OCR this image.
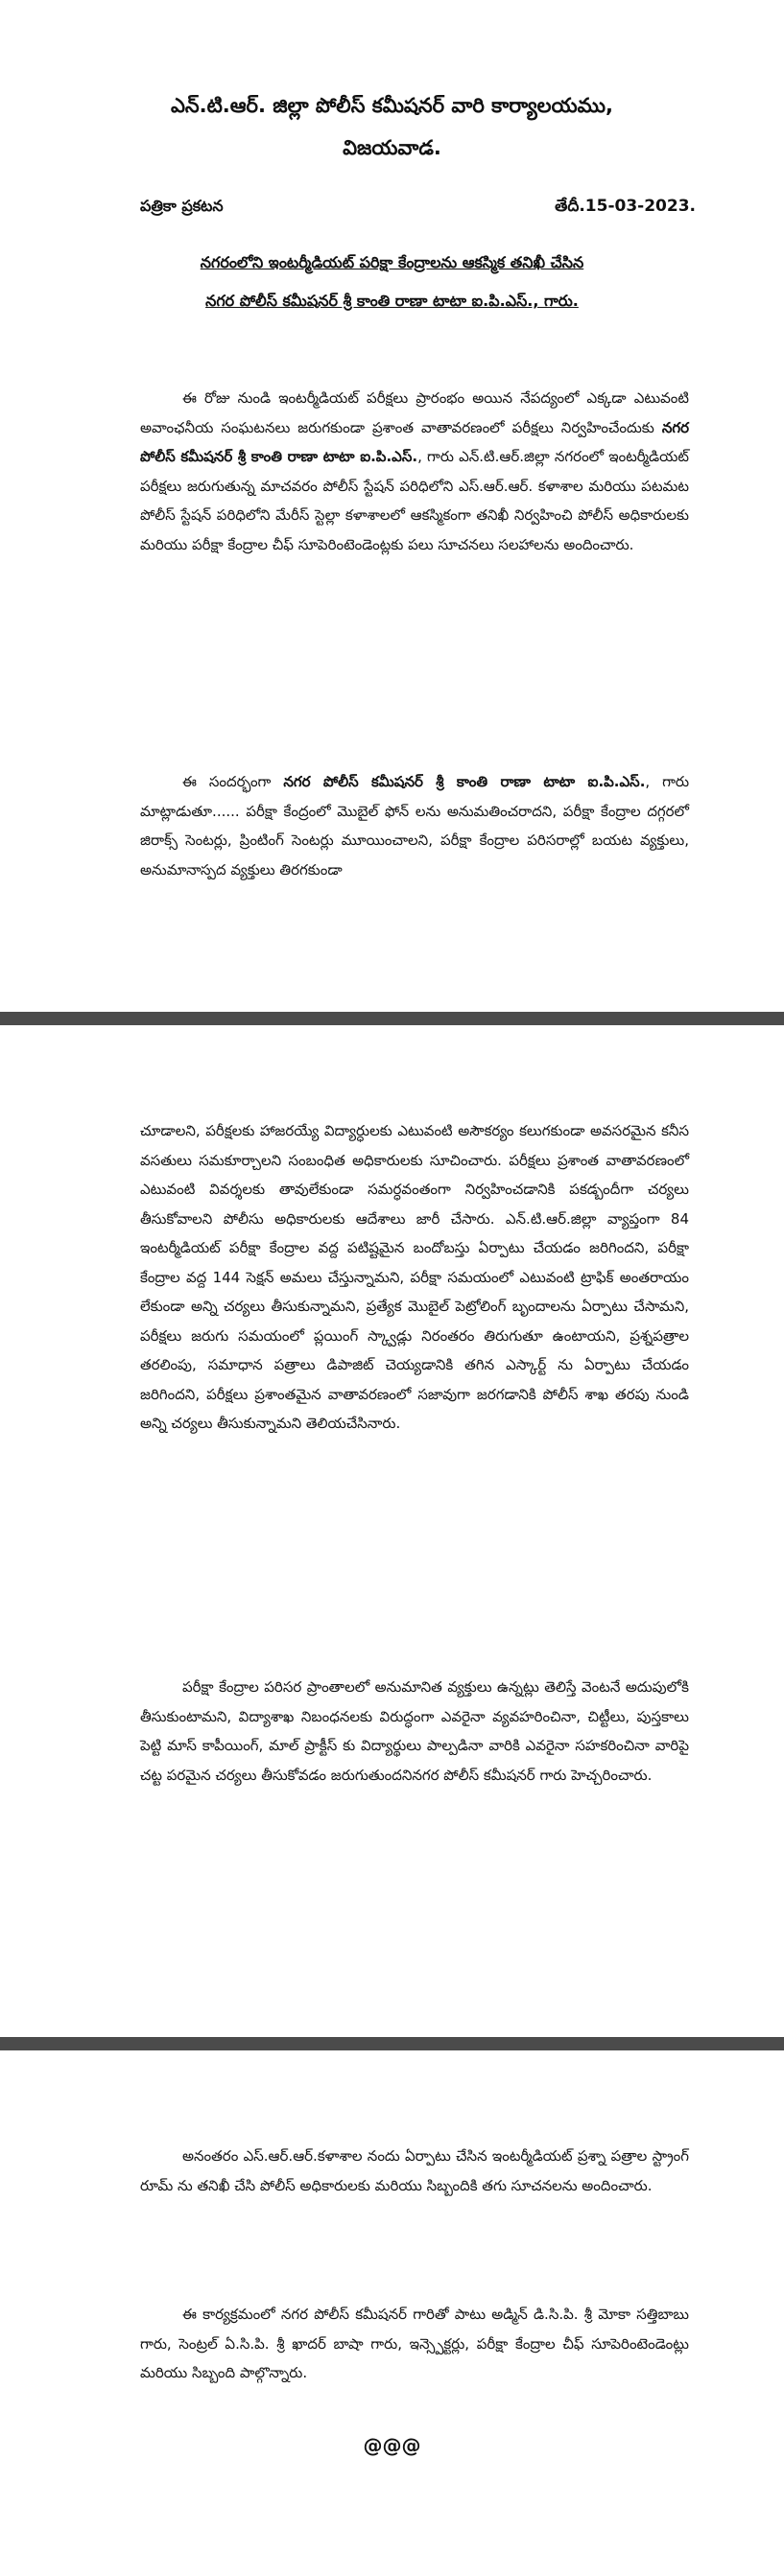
ఎన్.టి.ఆర్. జిల్లా పోలీస్ కమీషనర్ వారి కార్యాలయము,
విజయవాడ.
పత్రికా ప్రకటన	తేదీ.15-03-2023.
నగరంలోని ఇంటర్మీడియట్ పరిక్షా కేంద్రాలను ఆకస్మిక తనిఖీ చేసిన
నగర పోలీస్ కమీషనర్ శ్రీ కాంతి రాణా టాటా ఐ.పి.ఎస్., గారు.
ఈ రోజు నుండి ఇంటర్మీడియట్ పరీక్షలు ప్రారంభం అయిన నేపద్యంలో ఎక్కడా ఎటువంటి అవాంఛనీయ సంఘటనలు జరుగకుండా ప్రశాంత వాతావరణంలో పరీక్షలు నిర్వహించేందుకు నగర పోలీస్ కమీషనర్ శ్రీ కాంతి రాణా టాటా ఐ.పి.ఎస్., గారు ఎన్.టి.ఆర్.జిల్లా నగరంలో ఇంటర్మీడియట్ పరీక్షలు జరుగుతున్న మాచవరం పోలీస్ స్టేషన్ పరిధిలోని ఎస్.ఆర్.ఆర్. కళాశాల మరియు పటమట పోలీస్ స్టేషన్ పరిధిలోని మేరీస్ స్టెల్లా కళాశాలలో ఆకస్మికంగా తనిఖీ నిర్వహించి పోలీస్ అధికారులకు మరియు పరీక్షా కేంద్రాల చీఫ్ సూపెరింటెండెంట్లకు పలు సూచనలు సలహాలను అందించారు.
ఈ సందర్భంగా నగర పోలీస్ కమీషనర్ శ్రీ కాంతి రాణా టాటా ఐ.పి.ఎస్., గారు మాట్లాడుతూ...... పరీక్షా కేంద్రంలో మొబైల్ ఫోన్ లను అనుమతించరాదని, పరీక్షా కేంద్రాల దగ్గరలో జిరాక్స్ సెంటర్లు, ప్రింటింగ్ సెంటర్లు మూయించాలని, పరీక్షా కేంద్రాల పరిసరాల్లో బయట వ్యక్తులు, అనుమానాస్పద వ్యక్తులు తిరగకుండా
చూడాలని, పరీక్షలకు హాజరయ్యే విద్యార్ధులకు ఎటువంటి అసౌకర్యం కలుగకుండా అవసరమైన కనీస వసతులు సమకూర్చాలని సంబంధిత అధికారులకు సూచించారు. పరీక్షలు ప్రశాంత వాతావరణంలో ఎటువంటి వివర్శలకు తావులేకుండా సమర్ధవంతంగా నిర్వహించడానికి పకడ్బందీగా చర్యలు తీసుకోవాలని పోలీసు అధికారులకు ఆదేశాలు జారీ చేసారు. ఎన్.టి.ఆర్.జిల్లా వ్యాప్తంగా 84 ఇంటర్మీడియట్ పరీక్షా కేంద్రాల వద్ద పటిష్టమైన బందోబస్తు ఏర్పాటు చేయడం జరిగిందని, పరీక్షా కేంద్రాల వద్ద 144 సెక్షన్ అమలు చేస్తున్నామని, పరీక్షా సమయంలో ఎటువంటి ట్రాఫిక్ అంతరాయం లేకుండా అన్ని చర్యలు తీసుకున్నామని, ప్రత్యేక మొబైల్ పెట్రోలింగ్ బృందాలను ఏర్పాటు చేసామని, పరీక్షలు జరుగు సమయంలో ప్లయింగ్ స్క్వాడ్లు నిరంతరం తిరుగుతూ ఉంటాయని, ప్రశ్నపత్రాల తరలింపు, సమాధాన పత్రాలు డిపాజిట్ చెయ్యడానికి తగిన ఎస్కార్ట్ ను ఏర్పాటు చేయడం జరిగిందని, పరీక్షలు ప్రశాంతమైన వాతావరణంలో సజావుగా జరగడానికి పోలీస్ శాఖ తరపు నుండి అన్ని చర్యలు తీసుకున్నామని తెలియచేసినారు.
పరీక్షా కేంద్రాల పరిసర ప్రాంతాలలో అనుమానిత వ్యక్తులు ఉన్నట్లు తెలిస్తే వెంటనే అదుపులోకి తీసుకుంటామని, విద్యాశాఖ నిబంధనలకు విరుద్ధంగా ఎవరైనా వ్యవహరించినా, చిట్టీలు, పుస్తకాలు పెట్టి మాస్ కాపీయింగ్, మాల్ ప్రాక్టీస్ కు విద్యార్థులు పాల్పడినా వారికి ఎవరైనా సహకరించినా వారిపై చట్ట పరమైన చర్యలు తీసుకోవడం జరుగుతుందనినగర పోలీస్ కమీషనర్ గారు హెచ్చరించారు.
అనంతరం ఎస్.ఆర్.ఆర్.కళాశాల నందు ఏర్పాటు చేసిన ఇంటర్మీడియట్ ప్రశ్నా పత్రాల స్ట్రాంగ్ రూమ్ ను తనిఖీ చేసి పోలీస్ అధికారులకు మరియు సిబ్బందికి తగు సూచనలను అందించారు.
ఈ కార్యక్రమంలో నగర పోలీస్ కమీషనర్ గారితో పాటు అడ్మిన్ డి.సి.పి. శ్రీ మోకా సత్తిబాబు గారు, సెంట్రల్ ఏ.సి.పి. శ్రీ ఖాదర్ బాషా గారు, ఇన్స్పెక్టర్లు, పరీక్షా కేంద్రాల చీఫ్ సూపెరింటెండెంట్లు మరియు సిబ్బంది పాల్గొన్నారు.
@@@
